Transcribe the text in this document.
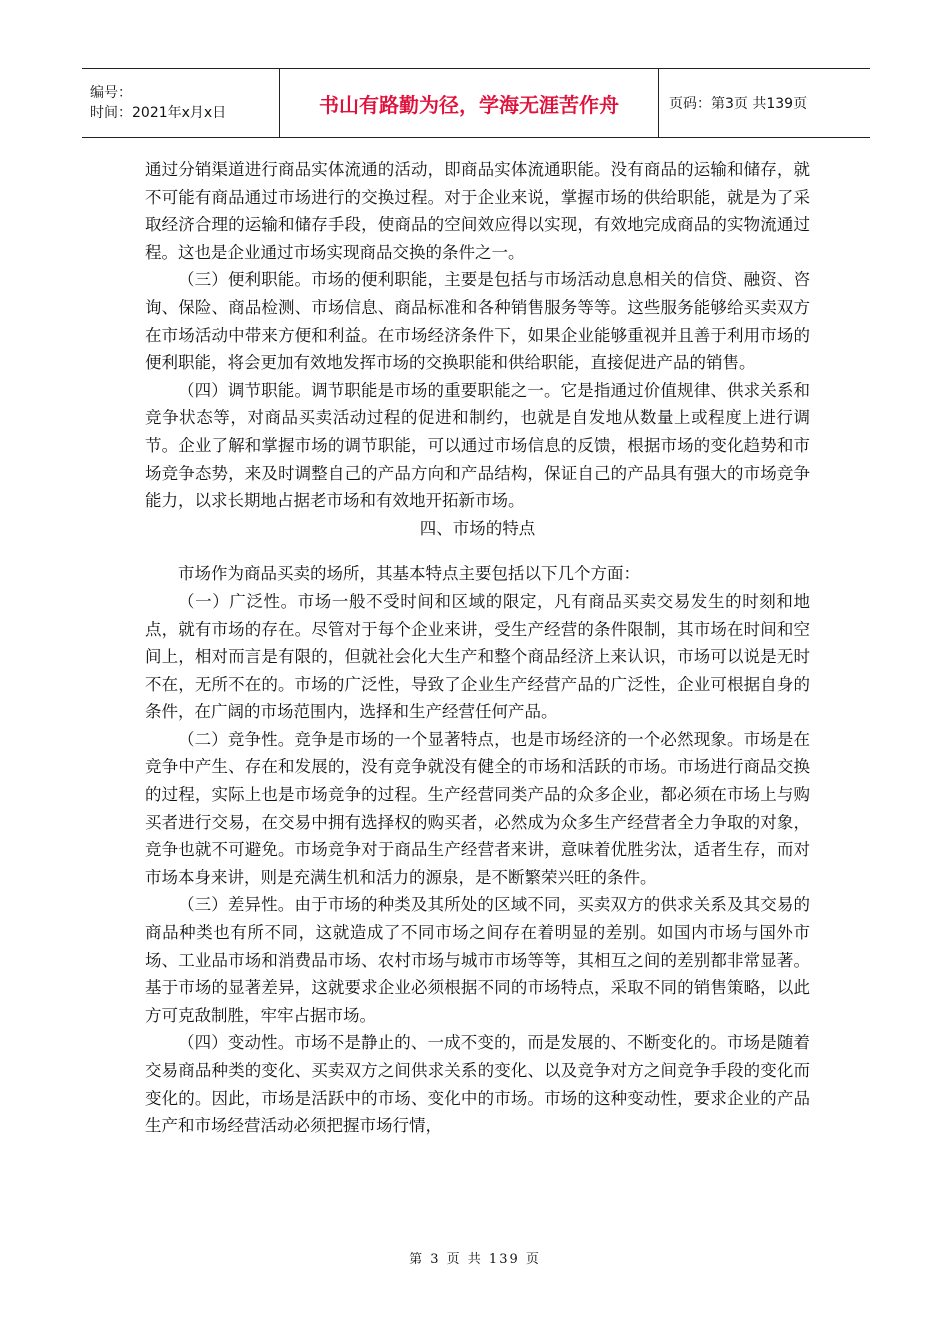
编号：
时间：2021年x月x日	书山有路勤为径，学海无涯苦作舟	页码：第3页 共139页

通过分销渠道进行商品实体流通的活动，即商品实体流通职能。没有商品的运输和储存，就不可能有商品通过市场进行的交换过程。对于企业来说，掌握市场的供给职能，就是为了采取经济合理的运输和储存手段，使商品的空间效应得以实现，有效地完成商品的实物流通过程。这也是企业通过市场实现商品交换的条件之一。

（三）便利职能。市场的便利职能，主要是包括与市场活动息息相关的信贷、融资、咨询、保险、商品检测、市场信息、商品标准和各种销售服务等等。这些服务能够给买卖双方在市场活动中带来方便和利益。在市场经济条件下，如果企业能够重视并且善于利用市场的便利职能，将会更加有效地发挥市场的交换职能和供给职能，直接促进产品的销售。

（四）调节职能。调节职能是市场的重要职能之一。它是指通过价值规律、供求关系和竞争状态等，对商品买卖活动过程的促进和制约，也就是自发地从数量上或程度上进行调节。企业了解和掌握市场的调节职能，可以通过市场信息的反馈，根据市场的变化趋势和市场竞争态势，来及时调整自己的产品方向和产品结构，保证自己的产品具有强大的市场竞争能力，以求长期地占据老市场和有效地开拓新市场。

四、市场的特点

市场作为商品买卖的场所，其基本特点主要包括以下几个方面：

（一）广泛性。市场一般不受时间和区域的限定，凡有商品买卖交易发生的时刻和地点，就有市场的存在。尽管对于每个企业来讲，受生产经营的条件限制，其市场在时间和空间上，相对而言是有限的，但就社会化大生产和整个商品经济上来认识，市场可以说是无时不在，无所不在的。市场的广泛性，导致了企业生产经营产品的广泛性，企业可根据自身的条件，在广阔的市场范围内，选择和生产经营任何产品。

（二）竞争性。竞争是市场的一个显著特点，也是市场经济的一个必然现象。市场是在竞争中产生、存在和发展的，没有竞争就没有健全的市场和活跃的市场。市场进行商品交换的过程，实际上也是市场竞争的过程。生产经营同类产品的众多企业，都必须在市场上与购买者进行交易，在交易中拥有选择权的购买者，必然成为众多生产经营者全力争取的对象，竞争也就不可避免。市场竞争对于商品生产经营者来讲，意味着优胜劣汰，适者生存，而对市场本身来讲，则是充满生机和活力的源泉，是不断繁荣兴旺的条件。

（三）差异性。由于市场的种类及其所处的区域不同，买卖双方的供求关系及其交易的商品种类也有所不同，这就造成了不同市场之间存在着明显的差别。如国内市场与国外市场、工业品市场和消费品市场、农村市场与城市市场等等，其相互之间的差别都非常显著。基于市场的显著差异，这就要求企业必须根据不同的市场特点，采取不同的销售策略，以此方可克敌制胜，牢牢占据市场。

（四）变动性。市场不是静止的、一成不变的，而是发展的、不断变化的。市场是随着交易商品种类的变化、买卖双方之间供求关系的变化、以及竞争对方之间竞争手段的变化而变化的。因此，市场是活跃中的市场、变化中的市场。市场的这种变动性，要求企业的产品生产和市场经营活动必须把握市场行情，

第 3 页 共 139 页
